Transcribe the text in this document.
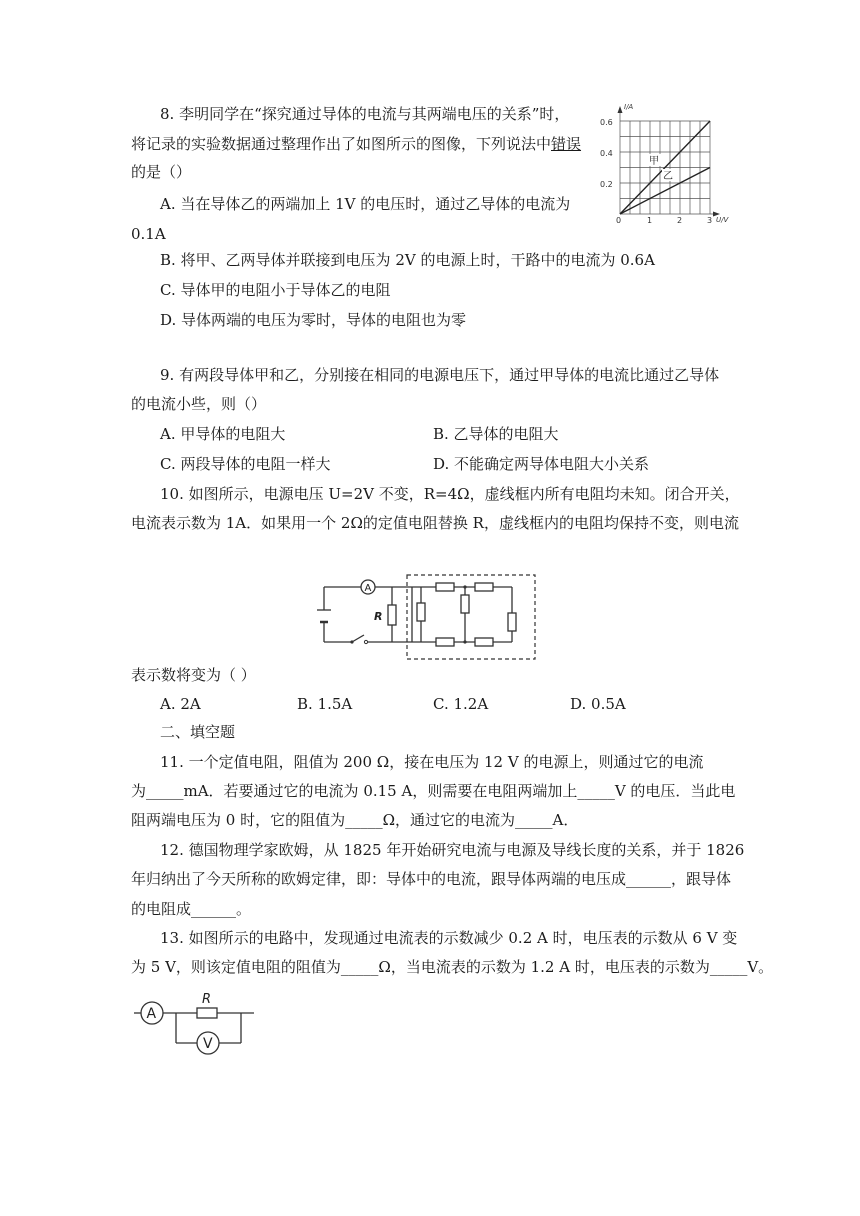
8. 李明同学在“探究通过导体的电流与其两端电压的关系”时，
将记录的实验数据通过整理作出了如图所示的图像，下列说法中错误
的是（）
A. 当在导体乙的两端加上 1V 的电压时，通过乙导体的电流为
0.1A
B. 将甲、乙两导体并联接到电压为 2V 的电源上时，干路中的电流为 0.6A
C. 导体甲的电阻小于导体乙的电阻
D. 导体两端的电压为零时，导体的电阻也为零
I/A
U/V
0.6
0.4
0.2
0	1	2	3
甲
乙
9. 有两段导体甲和乙，分别接在相同的电源电压下，通过甲导体的电流比通过乙导体
的电流小些，则（）
A. 甲导体的电阻大	B. 乙导体的电阻大
C. 两段导体的电阻一样大	D. 不能确定两导体电阻大小关系
10. 如图所示，电源电压 U=2V 不变，R=4Ω，虚线框内所有电阻均未知。闭合开关，
电流表示数为 1A．如果用一个 2Ω的定值电阻替换 R，虚线框内的电阻均保持不变，则电流
A
R
表示数将变为（ ）
A. 2A	B. 1.5A	C. 1.2A	D. 0.5A
二、填空题
11. 一个定值电阻，阻值为 200 Ω，接在电压为 12 V 的电源上，则通过它的电流
为_____mA．若要通过它的电流为 0.15 A，则需要在电阻两端加上_____V 的电压．当此电
阻两端电压为 0 时，它的阻值为_____Ω，通过它的电流为_____A．
12. 德国物理学家欧姆，从 1825 年开始研究电流与电源及导线长度的关系，并于 1826
年归纳出了今天所称的欧姆定律，即：导体中的电流，跟导体两端的电压成______，跟导体
的电阻成______。
13. 如图所示的电路中，发现通过电流表的示数减少 0.2 A 时，电压表的示数从 6 V 变
为 5 V，则该定值电阻的阻值为_____Ω，当电流表的示数为 1.2 A 时，电压表的示数为_____V。
A
R
V
